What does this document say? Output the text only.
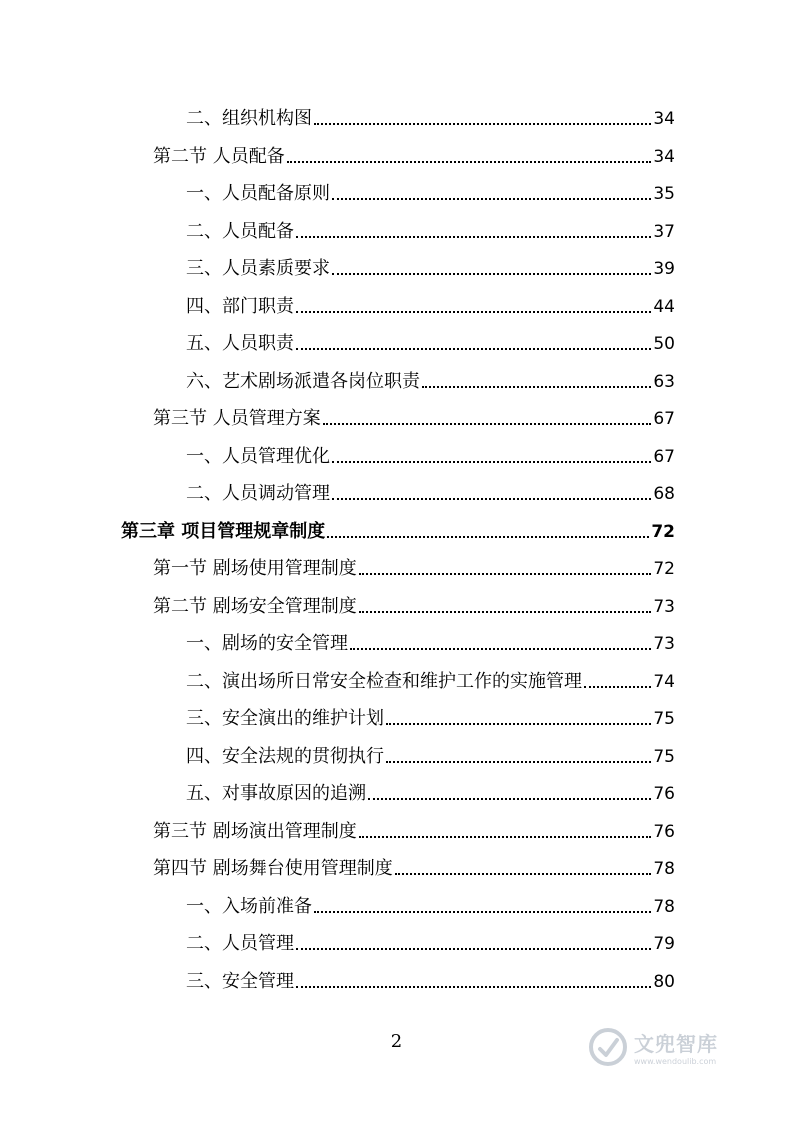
二、组织机构图	34
第二节 人员配备	34
一、人员配备原则	35
二、人员配备	37
三、人员素质要求	39
四、部门职责	44
五、人员职责	50
六、艺术剧场派遣各岗位职责	63
第三节 人员管理方案	67
一、人员管理优化	67
二、人员调动管理	68
第三章 项目管理规章制度	72
第一节 剧场使用管理制度	72
第二节 剧场安全管理制度	73
一、剧场的安全管理	73
二、演出场所日常安全检查和维护工作的实施管理	74
三、安全演出的维护计划	75
四、安全法规的贯彻执行	75
五、对事故原因的追溯	76
第三节 剧场演出管理制度	76
第四节 剧场舞台使用管理制度	78
一、入场前准备	78
二、人员管理	79
三、安全管理	80
2	文兜智库
www.wendoulib.com
